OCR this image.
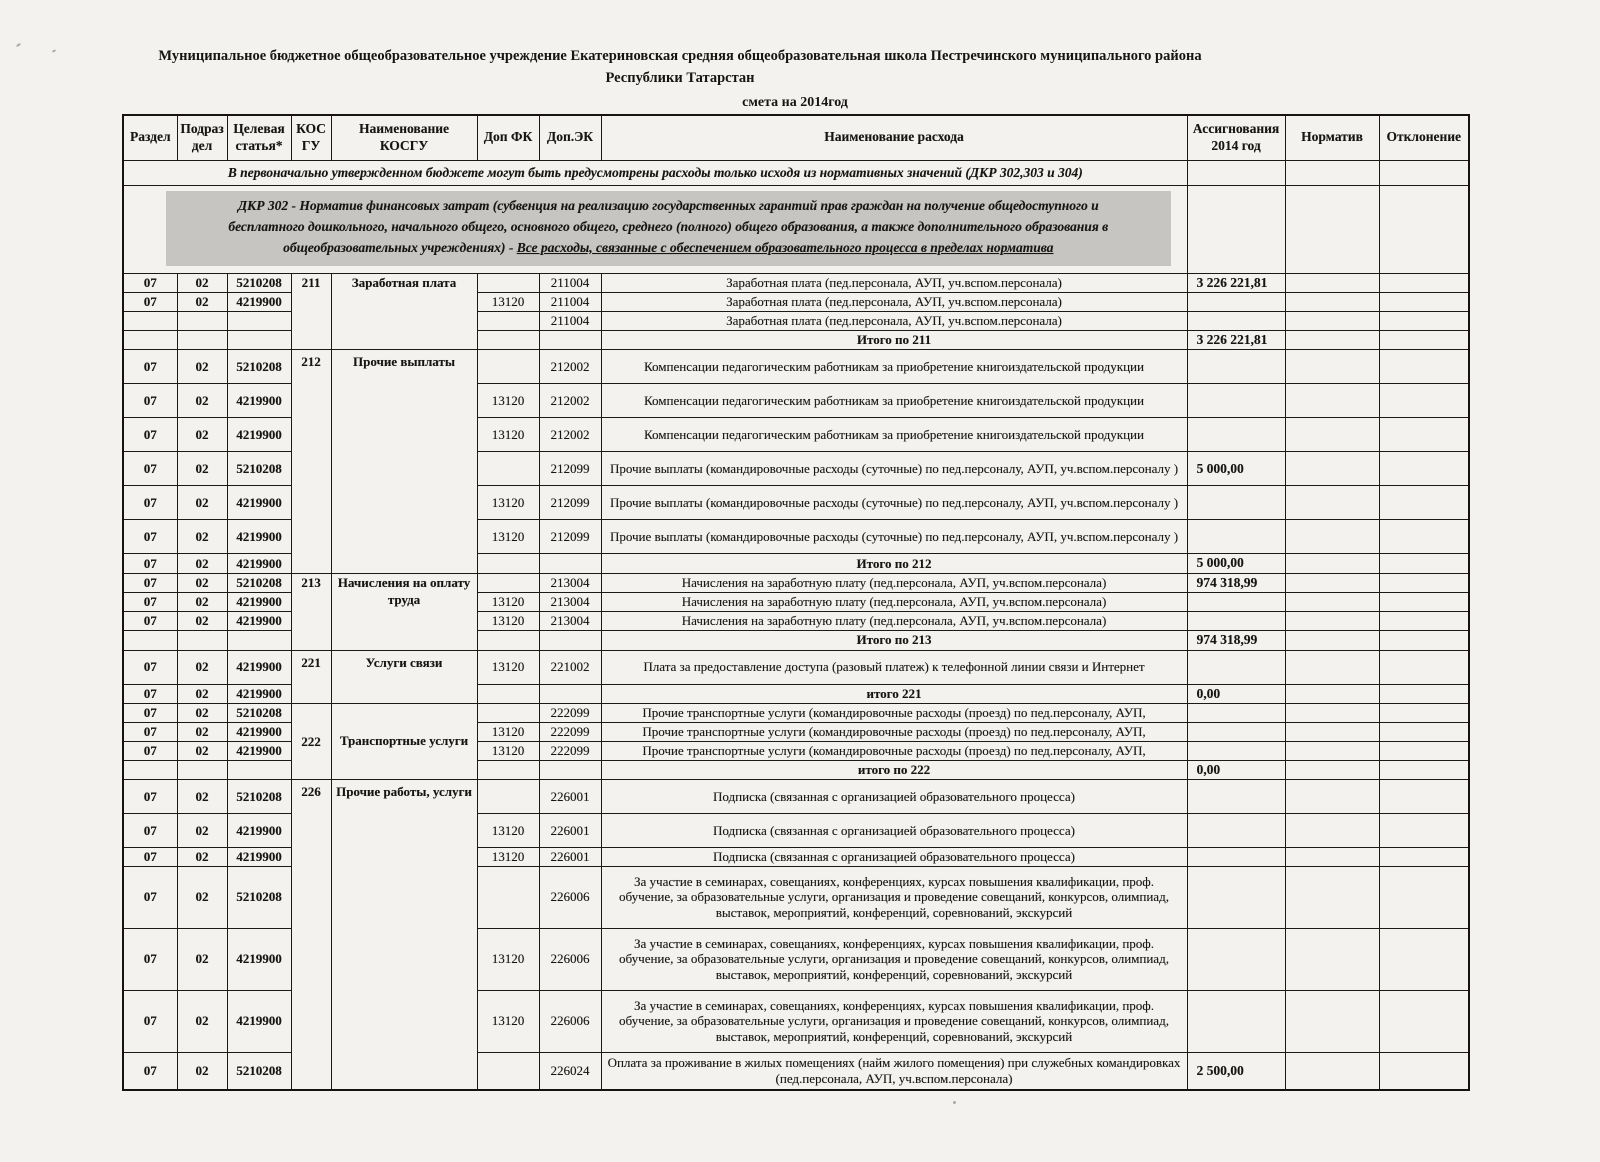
Муниципальное бюджетное общеобразовательное учреждение Екатериновская средняя общеобразовательная школа Пестречинского муниципального района
Республики Татарстан
смета на 2014год
Раздел	Подраздел	Целевая статья*	КОСГУ	Наименование КОСГУ	Доп ФК	Доп.ЭК	Наименование расхода	Ассигнования 2014 год	Норматив	Отклонение
В первоначально утвержденном бюджете могут быть предусмотрены расходы только исходя из нормативных значений (ДКР 302,303 и 304)										

ДКР 302 - Норматив финансовых затрат (субвенция на реализацию государственных гарантий прав граждан на получение общедоступного и бесплатного дошкольного, начального общего, основного общего, среднего (полного) общего образования, а также дополнительного образования в общеобразовательных учреждениях) - Все расходы, связанные с обеспечением образовательного процесса в пределах норматива										

07	02	5210208	211	Заработная плата		211004	Заработная плата (пед.персонала, АУП, уч.вспом.персонала)	3 226 221,81		
07	02	4219900			13120	211004	Заработная плата (пед.персонала, АУП, уч.вспом.персонала)			
						211004	Заработная плата (пед.персонала, АУП, уч.вспом.персонала)			
							Итого по 211	3 226 221,81		
07	02	5210208	212	Прочие выплаты		212002	Компенсации педагогическим работникам за приобретение книгоиздательской продукции			
07	02	4219900			13120	212002	Компенсации педагогическим работникам за приобретение книгоиздательской продукции			
07	02	4219900			13120	212002	Компенсации педагогическим работникам за приобретение книгоиздательской продукции			
07	02	5210208				212099	Прочие выплаты (командировочные расходы (суточные) по пед.персоналу, АУП, уч.вспом.персоналу )	5 000,00		
07	02	4219900			13120	212099	Прочие выплаты (командировочные расходы (суточные) по пед.персоналу, АУП, уч.вспом.персоналу )			
07	02	4219900			13120	212099	Прочие выплаты (командировочные расходы (суточные) по пед.персоналу, АУП, уч.вспом.персоналу )			
07	02	4219900					Итого по 212	5 000,00		
07	02	5210208	213	Начисления на оплату труда		213004	Начисления на заработную плату (пед.персонала, АУП, уч.вспом.персонала)	974 318,99		
07	02	4219900			13120	213004	Начисления на заработную плату (пед.персонала, АУП, уч.вспом.персонала)			
07	02	4219900			13120	213004	Начисления на заработную плату (пед.персонала, АУП, уч.вспом.персонала)			
							Итого по 213	974 318,99		
07	02	4219900	221	Услуги связи	13120	221002	Плата за предоставление доступа (разовый платеж) к телефонной линии связи и Интернет			
07	02	4219900					итого 221	0,00		
07	02	5210208	222	Транспортные услуги		222099	Прочие транспортные услуги (командировочные расходы (проезд) по пед.персоналу, АУП,			
07	02	4219900			13120	222099	Прочие транспортные услуги (командировочные расходы (проезд) по пед.персоналу, АУП,			
07	02	4219900			13120	222099	Прочие транспортные услуги (командировочные расходы (проезд) по пед.персоналу, АУП,			
							итого по 222	0,00		
07	02	5210208	226	Прочие работы, услуги		226001	Подписка (связанная с организацией образовательного процесса)			
07	02	4219900			13120	226001	Подписка (связанная с организацией образовательного процесса)			
07	02	4219900			13120	226001	Подписка (связанная с организацией образовательного процесса)			
07	02	5210208				226006	За участие в семинарах, совещаниях, конференциях, курсах повышения квалификации, проф. обучение, за образовательные услуги, организация и проведение совещаний, конкурсов, олимпиад, выставок, мероприятий, конференций, соревнований, экскурсий			
07	02	4219900			13120	226006	За участие в семинарах, совещаниях, конференциях, курсах повышения квалификации, проф. обучение, за образовательные услуги, организация и проведение совещаний, конкурсов, олимпиад, выставок, мероприятий, конференций, соревнований, экскурсий			
07	02	4219900			13120	226006	За участие в семинарах, совещаниях, конференциях, курсах повышения квалификации, проф. обучение, за образовательные услуги, организация и проведение совещаний, конкурсов, олимпиад, выставок, мероприятий, конференций, соревнований, экскурсий			
07	02	5210208				226024	Оплата за проживание в жилых помещениях (найм жилого помещения) при служебных командировках (пед.персонала, АУП, уч.вспом.персонала)	2 500,00		
